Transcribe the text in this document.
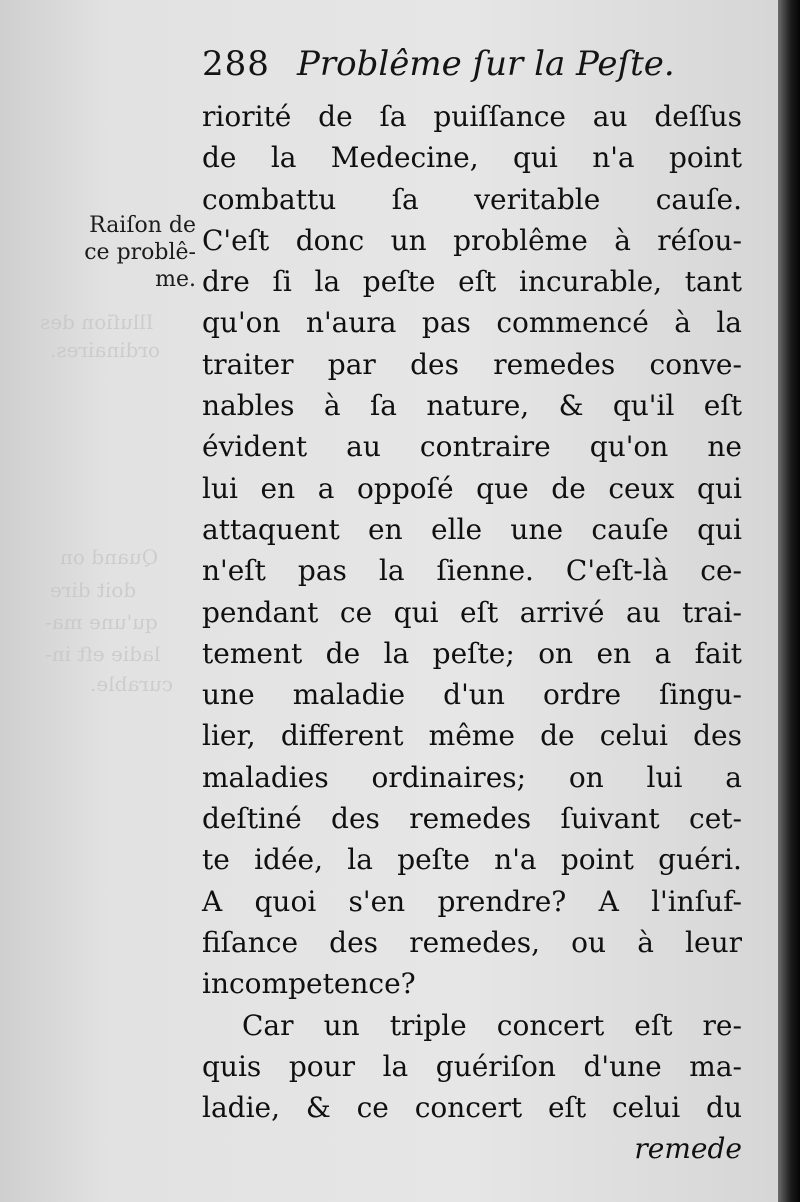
Illuſion des
ordinaires.
Quand on
doit dire
qu'une ma-
ladie eſt in-
curable.
288 Problême ſur la Peſte.
Raiſon de
ce problê-
me.
riorité de ſa puiſſance au deſſus
de la Medecine, qui n'a point
combattu ſa veritable cauſe.
C'eſt donc un problême à réſou-
dre ſi la peſte eſt incurable, tant
qu'on n'aura pas commencé à la
traiter par des remedes conve-
nables à ſa nature, & qu'il eſt
évident au contraire qu'on ne
lui en a oppoſé que de ceux qui
attaquent en elle une cauſe qui
n'eſt pas la ſienne. C'eſt-là ce-
pendant ce qui eſt arrivé au trai-
tement de la peſte; on en a fait
une maladie d'un ordre ſingu-
lier, different même de celui des
maladies ordinaires; on lui a
deſtiné des remedes ſuivant cet-
te idée, la peſte n'a point guéri.
A quoi s'en prendre? A l'inſuf-
fiſance des remedes, ou à leur
incompetence?
Car un triple concert eſt re-
quis pour la guériſon d'une ma-
ladie, & ce concert eſt celui du
remede
